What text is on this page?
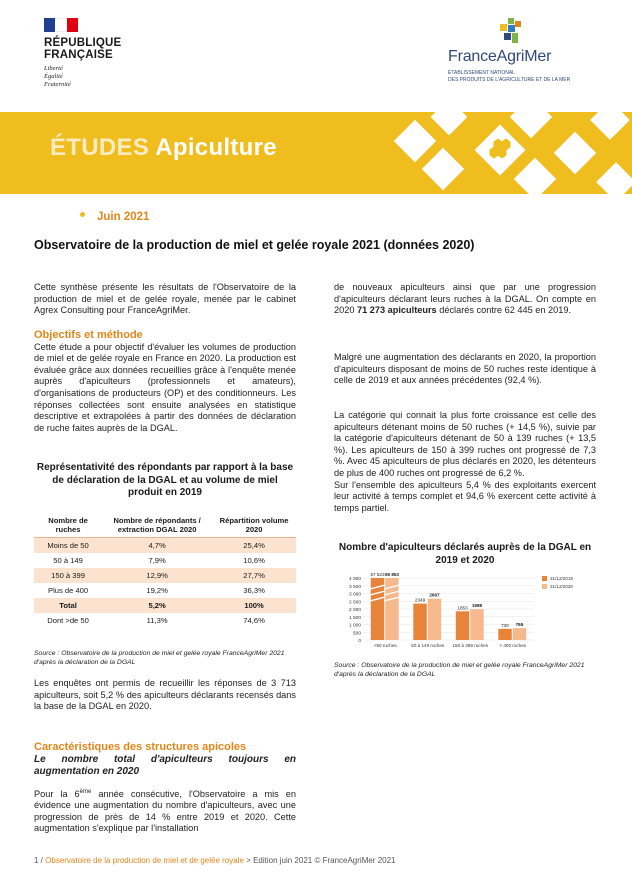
RÉPUBLIQUE
FRANÇAISE
Liberté
Égalité
Fraternité
FranceAgriMer
ÉTABLISSEMENT NATIONAL
DES PRODUITS DE L'AGRICULTURE ET DE LA MER
ÉTUDES Apiculture
Juin 2021
Observatoire de la production de miel et gelée royale 2021 (données 2020)

Cette synthèse présente les résultats de l'Observatoire de la production de miel et de gelée royale, menée par le cabinet Agrex Consulting pour FranceAgriMer.

Objectifs et méthode

Cette étude a pour objectif d'évaluer les volumes de production de miel et de gelée royale en France en 2020. La production est évaluée grâce aux données recueillies grâce à l'enquête menée auprès d'apiculteurs (professionnels et amateurs), d'organisations de producteurs (OP) et des conditionneurs. Les réponses collectées sont ensuite analysées en statistique descriptive et extrapolées à partir des données de déclaration de ruche faites auprès de la DGAL.

Représentativité des répondants par rapport à la base de déclaration de la DGAL et au volume de miel produit en 2019
Nombre de ruches	Nombre de répondants / extraction DGAL 2020	Répartition volume 2020
Moins de 50	4,7%	25,4%
50 à 149	7,9%	10,6%
150 à 399	12,9%	27,7%
Plus de 400	19,2%	36,3%
Total	5,2%	100%
Dont >de 50	11,3%	74,6%
Source : Observatoire de la production de miel et gelée royale FranceAgriMer 2021 d'après la déclaration de la DGAL

Les enquêtes ont permis de recueillir les réponses de 3 713 apiculteurs, soit 5,2 % des apiculteurs déclarants recensés dans la base de la DGAL en 2020.

Caractéristiques des structures apicoles

Le nombre total d'apiculteurs toujours en augmentation en 2020

Pour la 6ème année consécutive, l'Observatoire a mis en évidence une augmentation du nombre d'apiculteurs, avec une progression de près de 14 % entre 2019 et 2020. Cette augmentation s'explique par l'installation

de nouveaux apiculteurs ainsi que par une progression d'apiculteurs déclarant leurs ruches à la DGAL. On compte en 2020 71 273 apiculteurs déclarés contre 62 445 en 2019.

Malgré une augmentation des déclarants en 2020, la proportion d'apiculteurs disposant de moins de 50 ruches reste identique à celle de 2019 et aux années précédentes (92,4 %).

La catégorie qui connait la plus forte croissance est celle des apiculteurs détenant moins de 50 ruches (+ 14,5 %), suivie par la catégorie d'apiculteurs détenant de 50 à 139 ruches (+ 13,5 %). Les apiculteurs de 150 à 399 ruches ont progressé de 7,3 %. Avec 45 apiculteurs de plus déclarés en 2020, les détenteurs de plus de 400 ruches ont progressé de 6,2 %.

Sur l'ensemble des apiculteurs 5,4 % des exploitants exercent leur activité à temps complet et 94,6 % exercent cette activité à temps partiel.

Nombre d'apiculteurs déclarés auprès de la DGAL en 2019 et 2020
0
500
1 000
1 500
2 000
2 500
3 000
3 500
4 000
57 523 65 853
<50 ruches
2349
2667
50 à 149 ruches
1853 1988
150 à 399 ruches
720 765
> 400 ruches
31/12/2019
31/12/2020
Source : Observatoire de la production de miel et gelée royale FranceAgriMer 2021 d'après la déclaration de la DGAL
1 / Observatoire de la production de miel et de gelée royale > Edition juin 2021 © FranceAgriMer 2021
